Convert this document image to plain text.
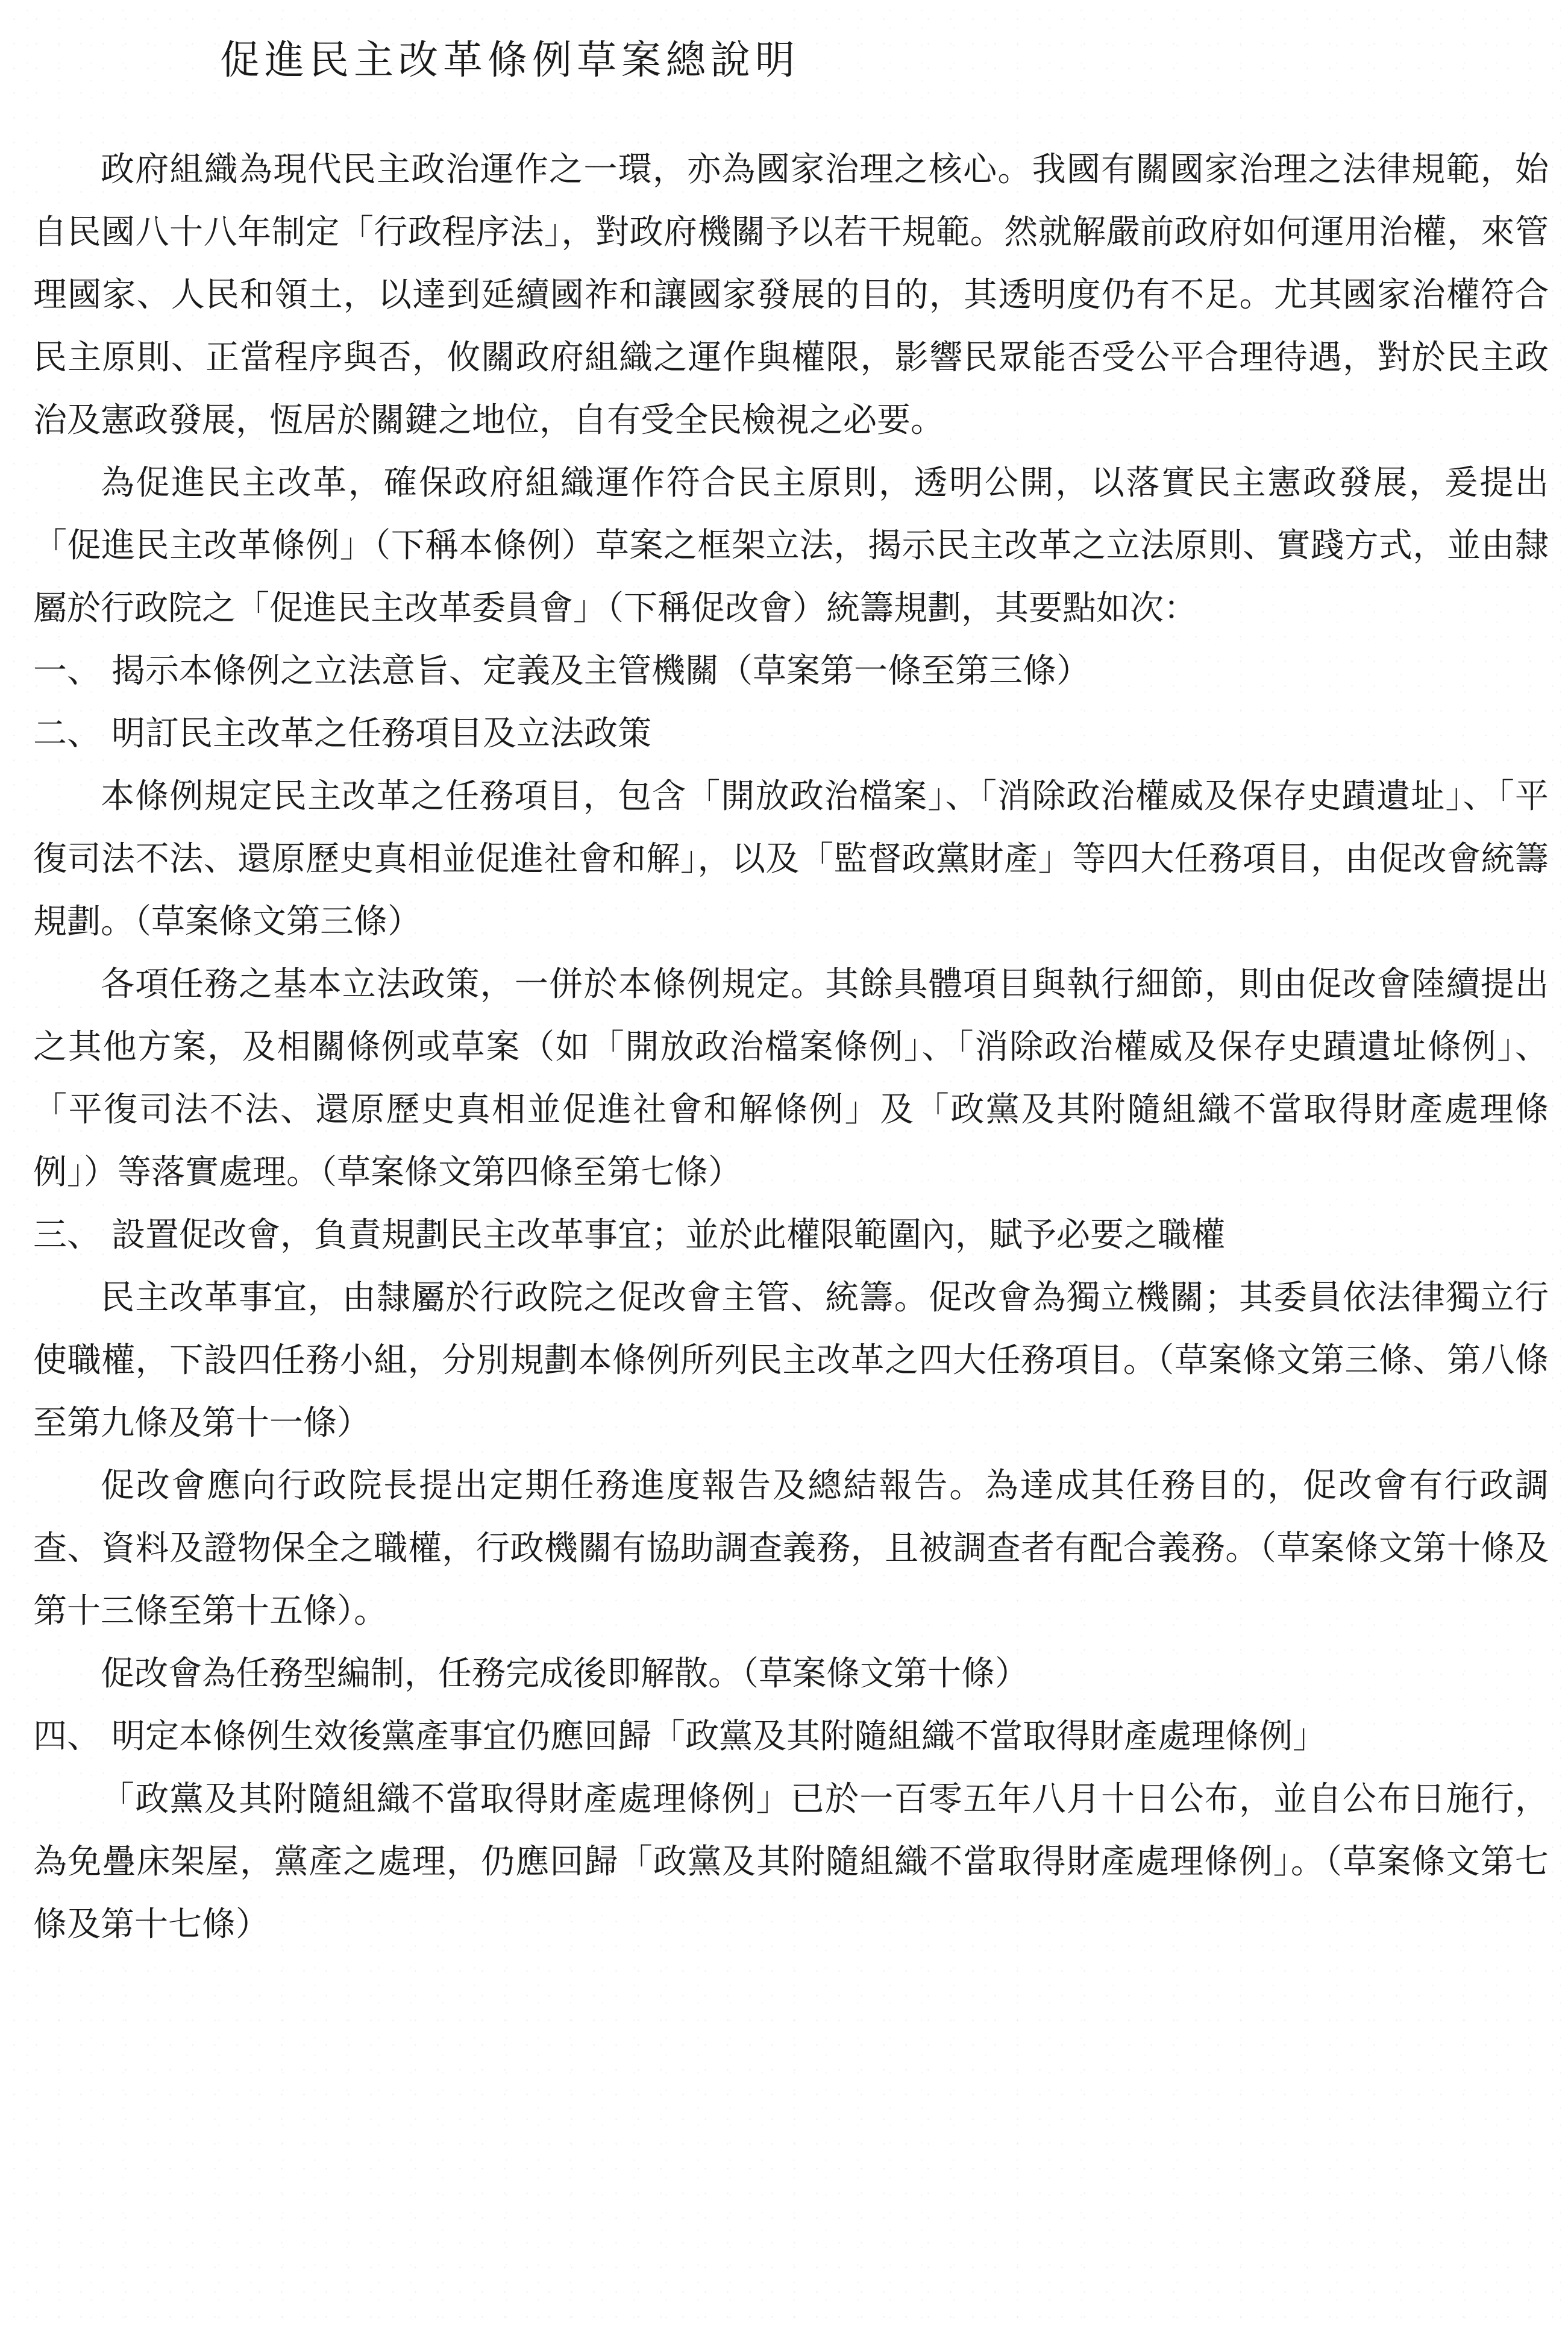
促進民主改革條例草案總說明

政府組織為現代民主政治運作之一環，亦為國家治理之核心。我國有關國家治理之法律規範，始自民國八十八年制定「行政程序法」，對政府機關予以若干規範。然就解嚴前政府如何運用治權，來管理國家、人民和領土，以達到延續國祚和讓國家發展的目的，其透明度仍有不足。尤其國家治權符合民主原則、正當程序與否，攸關政府組織之運作與權限，影響民眾能否受公平合理待遇，對於民主政治及憲政發展，恆居於關鍵之地位，自有受全民檢視之必要。

為促進民主改革，確保政府組織運作符合民主原則，透明公開，以落實民主憲政發展，爰提出「促進民主改革條例」（下稱本條例）草案之框架立法，揭示民主改革之立法原則、實踐方式，並由隸屬於行政院之「促進民主改革委員會」（下稱促改會）統籌規劃，其要點如次：

一、 揭示本條例之立法意旨、定義及主管機關（草案第一條至第三條）
二、 明訂民主改革之任務項目及立法政策

本條例規定民主改革之任務項目，包含「開放政治檔案」、「消除政治權威及保存史蹟遺址」、「平復司法不法、還原歷史真相並促進社會和解」，以及「監督政黨財產」等四大任務項目，由促改會統籌規劃。（草案條文第三條）

各項任務之基本立法政策，一併於本條例規定。其餘具體項目與執行細節，則由促改會陸續提出之其他方案，及相關條例或草案（如「開放政治檔案條例」、「消除政治權威及保存史蹟遺址條例」、「平復司法不法、還原歷史真相並促進社會和解條例」及「政黨及其附隨組織不當取得財產處理條例」）等落實處理。（草案條文第四條至第七條）

三、 設置促改會，負責規劃民主改革事宜；並於此權限範圍內，賦予必要之職權

民主改革事宜，由隸屬於行政院之促改會主管、統籌。促改會為獨立機關；其委員依法律獨立行使職權，下設四任務小組，分別規劃本條例所列民主改革之四大任務項目。（草案條文第三條、第八條至第九條及第十一條）

促改會應向行政院長提出定期任務進度報告及總結報告。為達成其任務目的，促改會有行政調查、資料及證物保全之職權，行政機關有協助調查義務，且被調查者有配合義務。（草案條文第十條及第十三條至第十五條）。

促改會為任務型編制，任務完成後即解散。（草案條文第十條）

四、 明定本條例生效後黨產事宜仍應回歸「政黨及其附隨組織不當取得財產處理條例」

「政黨及其附隨組織不當取得財產處理條例」已於一百零五年八月十日公布，並自公布日施行，為免疊床架屋，黨產之處理，仍應回歸「政黨及其附隨組織不當取得財產處理條例」。（草案條文第七條及第十七條）
